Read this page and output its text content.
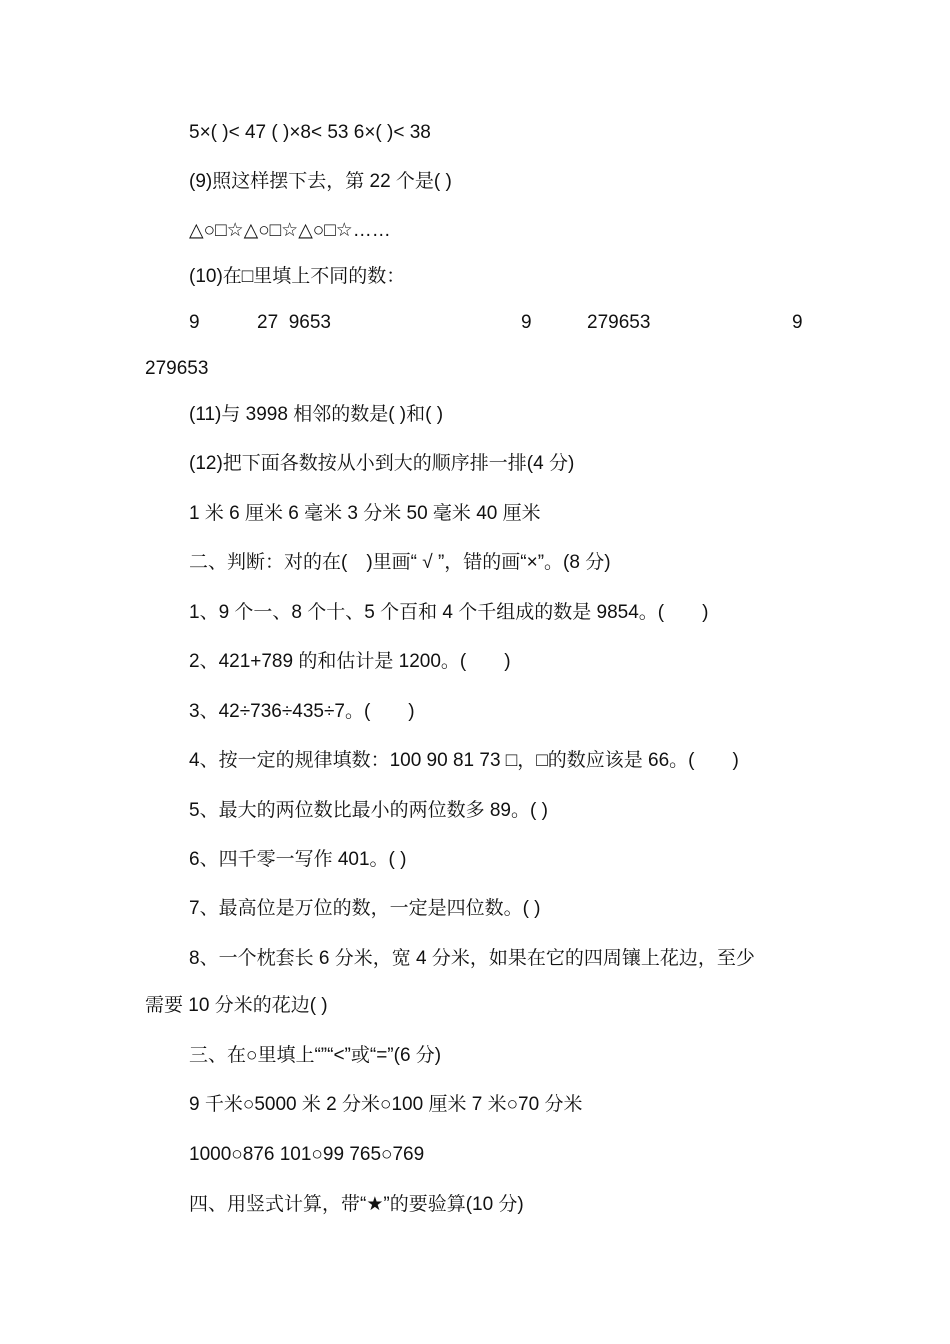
5×( )< 47 ( )×8< 53 6×( )< 38

(9)照这样摆下去，第 22 个是( )

△○□☆△○□☆△○□☆……

(10)在□里填上不同的数：

9	27  9653	9	279653	9

279653

(11)与 3998 相邻的数是( )和( )

(12)把下面各数按从小到大的顺序排一排(4 分)

1 米 6 厘米 6 毫米 3 分米 50 毫米 40 厘米

二、判断：对的在(　)里画“ √ ”，错的画“×”。(8 分)

1、9 个一、8 个十、5 个百和 4 个千组成的数是 9854。(　　)

2、421+789 的和估计是 1200。(　　)

3、42÷736÷435÷7。(　　)

4、按一定的规律填数：100 90 81 73 □，□的数应该是 66。(　　)

5、最大的两位数比最小的两位数多 89。( )

6、四千零一写作 401。( )

7、最高位是万位的数，一定是四位数。( )

8、一个枕套长 6 分米，宽 4 分米，如果在它的四周镶上花边，至少

需要 10 分米的花边( )

三、在○里填上“”“<”或“=”(6 分)

9 千米○5000 米 2 分米○100 厘米 7 米○70 分米

1000○876 101○99 765○769

四、用竖式计算，带“★”的要验算(10 分)
